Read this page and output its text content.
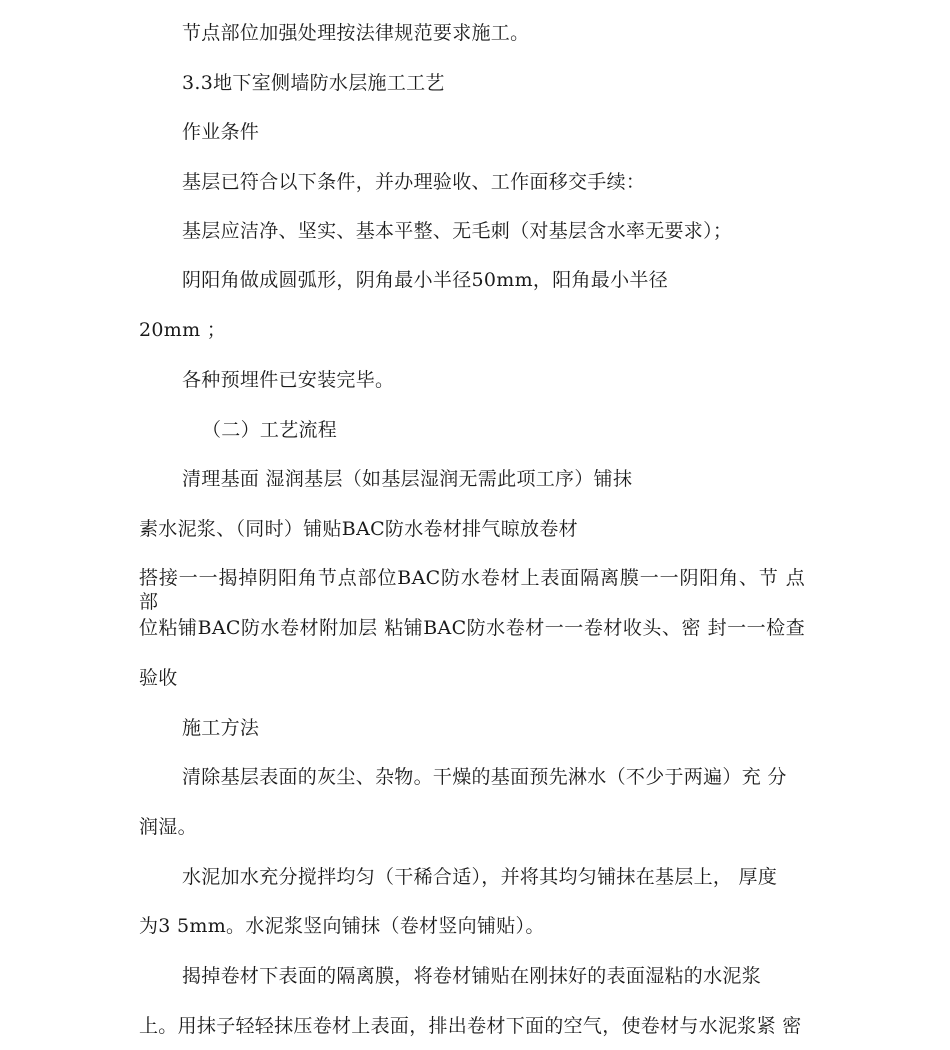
节点部位加强处理按法律规范要求施工。
3.3地下室侧墙防水层施工工艺
作业条件
基层已符合以下条件，并办理验收、工作面移交手续：
基层应洁净、坚实、基本平整、无毛刺（对基层含水率无要求）；
阴阳角做成圆弧形，阴角最小半径50mm，阳角最小半径
20mm ；
各种预埋件已安装完毕。
（二）工艺流程
清理基面 湿润基层（如基层湿润无需此项工序）铺抹
素水泥浆、（同时）铺贴BAC防水卷材排气晾放卷材
搭接一一揭掉阴阳角节点部位BAC防水卷材上表面隔离膜一一阴阳角、节 点部
位粘铺BAC防水卷材附加层 粘铺BAC防水卷材一一卷材收头、密 封一一检查
验收
施工方法
清除基层表面的灰尘、杂物。干燥的基面预先淋水（不少于两遍）充 分
润湿。
水泥加水充分搅拌均匀（干稀合适），并将其均匀铺抹在基层上， 厚度
为3 5mm。水泥浆竖向铺抹（卷材竖向铺贴）。
揭掉卷材下表面的隔离膜，将卷材铺贴在刚抹好的表面湿粘的水泥浆
上。用抹子轻轻抹压卷材上表面，排出卷材下面的空气，使卷材与水泥浆紧 密
